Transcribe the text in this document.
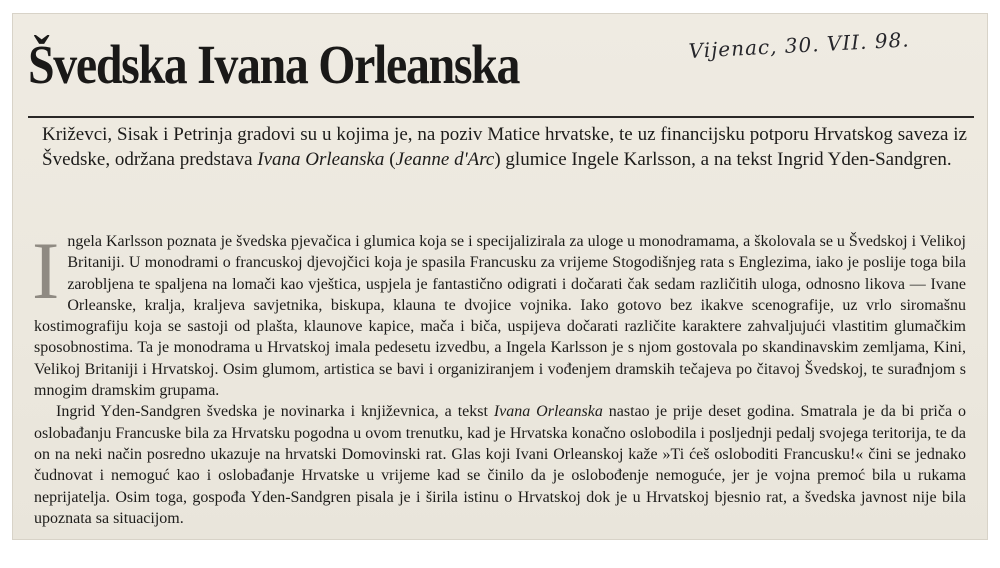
Švedska Ivana Orleanska	Vijenac, 30. VII. 98.

Križevci, Sisak i Petrinja gradovi su u kojima je, na poziv Matice hrvatske, te uz financijsku potporu Hrvatskog saveza iz Švedske, održana predstava Ivana Orleanska (Jeanne d'Arc) glumice Ingele Karlsson, a na tekst Ingrid Yden-Sandgren.

Ingela Karlsson poznata je švedska pjevačica i glumica koja se i specijalizirala za uloge u monodramama, a školovala se u Švedskoj i Velikoj Britaniji. U monodrami o francuskoj djevojčici koja je spasila Francusku za vrijeme Stogodišnjeg rata s Englezima, iako je poslije toga bila zarobljena te spaljena na lomači kao vještica, uspjela je fantastično odigrati i dočarati čak sedam različitih uloga, odnosno likova — Ivane Orleanske, kralja, kraljeva savjetnika, biskupa, klauna te dvojice vojnika. Iako gotovo bez ikakve scenografije, uz vrlo siromašnu kostimografiju koja se sastoji od plašta, klaunove kapice, mača i biča, uspijeva dočarati različite karaktere zahvaljujući vlastitim glumačkim sposobnostima. Ta je monodrama u Hrvatskoj imala pedesetu izvedbu, a Ingela Karlsson je s njom gostovala po skandinavskim zemljama, Kini, Velikoj Britaniji i Hrvatskoj. Osim glumom, artistica se bavi i organiziranjem i vođenjem dramskih tečajeva po čitavoj Švedskoj, te surađnjom s mnogim dramskim grupama.

Ingrid Yden-Sandgren švedska je novinarka i književnica, a tekst Ivana Orleanska nastao je prije deset godina. Smatrala je da bi priča o oslobađanju Francuske bila za Hrvatsku pogodna u ovom trenutku, kad je Hrvatska konačno oslobodila i posljednji pedalj svojega teritorija, te da on na neki način posredno ukazuje na hrvatski Domovinski rat. Glas koji Ivani Orleanskoj kaže »Ti ćeš osloboditi Francusku!« čini se jednako čudnovat i nemoguć kao i oslobađanje Hrvatske u vrijeme kad se činilo da je oslobođenje nemoguće, jer je vojna premoć bila u rukama neprijatelja. Osim toga, gospođa Yden-Sandgren pisala je i širila istinu o Hrvatskoj dok je u Hrvatskoj bjesnio rat, a švedska javnost nije bila upoznata sa situacijom.
